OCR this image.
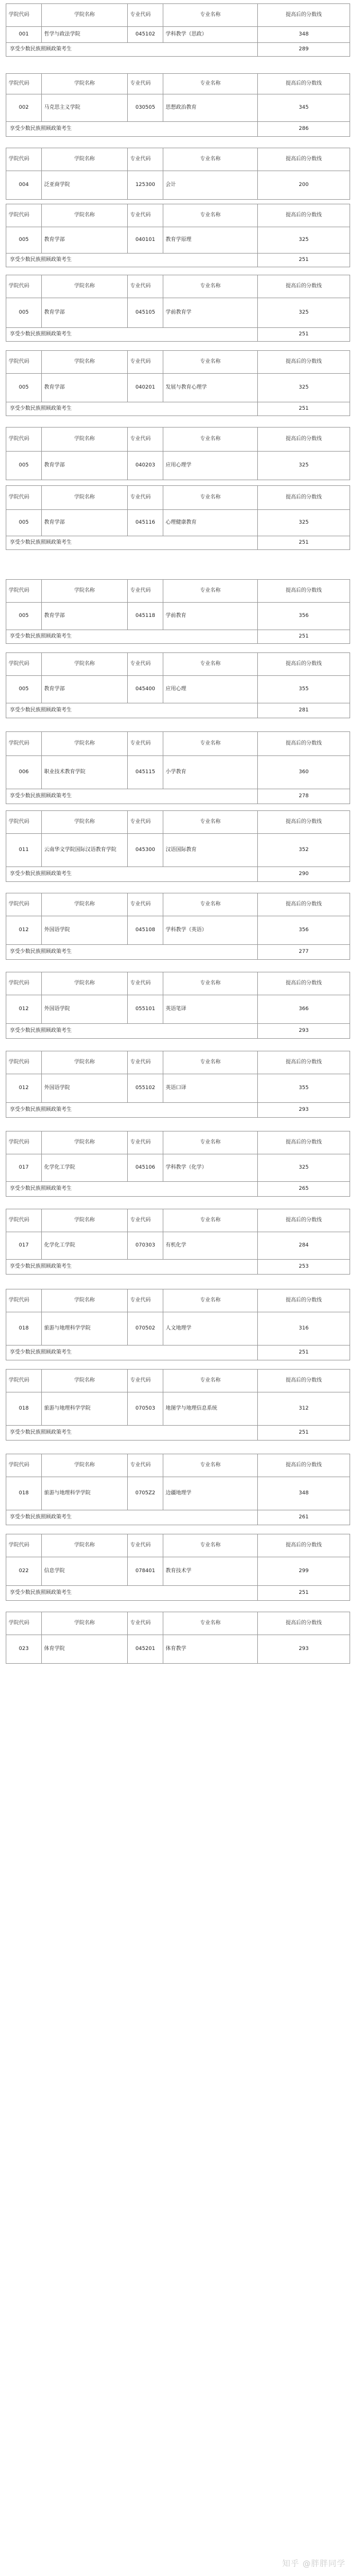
学院代码	学院名称	专业代码	专业名称	提高后的分数线
001	哲学与政法学院	045102	学科教学（思政）	348
享受少数民族照顾政策考生				289
学院代码	学院名称	专业代码	专业名称	提高后的分数线
002	马克思主义学院	030505	思想政治教育	345
享受少数民族照顾政策考生				286
学院代码	学院名称	专业代码	专业名称	提高后的分数线
004	泛亚商学院	125300	会计	200
学院代码	学院名称	专业代码	专业名称	提高后的分数线
005	教育学部	040101	教育学原理	325
享受少数民族照顾政策考生				251
学院代码	学院名称	专业代码	专业名称	提高后的分数线
005	教育学部	045105	学前教育学	325
享受少数民族照顾政策考生				251
学院代码	学院名称	专业代码	专业名称	提高后的分数线
005	教育学部	040201	发展与教育心理学	325
享受少数民族照顾政策考生				251
学院代码	学院名称	专业代码	专业名称	提高后的分数线
005	教育学部	040203	应用心理学	325
学院代码	学院名称	专业代码	专业名称	提高后的分数线
005	教育学部	045116	心理健康教育	325
享受少数民族照顾政策考生				251
学院代码	学院名称	专业代码	专业名称	提高后的分数线
005	教育学部	045118	学前教育	356
享受少数民族照顾政策考生				251
学院代码	学院名称	专业代码	专业名称	提高后的分数线
005	教育学部	045400	应用心理	355
享受少数民族照顾政策考生				281
学院代码	学院名称	专业代码	专业名称	提高后的分数线
006	职业技术教育学院	045115	小学教育	360
享受少数民族照顾政策考生				278
学院代码	学院名称	专业代码	专业名称	提高后的分数线
011	云南华文学院国际汉语教育学院	045300	汉语国际教育	352
享受少数民族照顾政策考生				290
学院代码	学院名称	专业代码	专业名称	提高后的分数线
012	外国语学院	045108	学科教学（英语）	356
享受少数民族照顾政策考生				277
学院代码	学院名称	专业代码	专业名称	提高后的分数线
012	外国语学院	055101	英语笔译	366
享受少数民族照顾政策考生				293
学院代码	学院名称	专业代码	专业名称	提高后的分数线
012	外国语学院	055102	英语口译	355
享受少数民族照顾政策考生				293
学院代码	学院名称	专业代码	专业名称	提高后的分数线
017	化学化工学院	045106	学科教学（化学）	325
享受少数民族照顾政策考生				265
学院代码	学院名称	专业代码	专业名称	提高后的分数线
017	化学化工学院	070303	有机化学	284
享受少数民族照顾政策考生				253
学院代码	学院名称	专业代码	专业名称	提高后的分数线
018	旅游与地理科学学院	070502	人文地理学	316
享受少数民族照顾政策考生				251
学院代码	学院名称	专业代码	专业名称	提高后的分数线
018	旅游与地理科学学院	070503	地图学与地理信息系统	312
享受少数民族照顾政策考生				251
学院代码	学院名称	专业代码	专业名称	提高后的分数线
018	旅游与地理科学学院	0705Z2	边疆地理学	348
享受少数民族照顾政策考生				261
学院代码	学院名称	专业代码	专业名称	提高后的分数线
022	信息学院	078401	教育技术学	299
享受少数民族照顾政策考生				251
学院代码	学院名称	专业代码	专业名称	提高后的分数线
023	体育学院	045201	体育教学	293
知乎 @胖胖同学
